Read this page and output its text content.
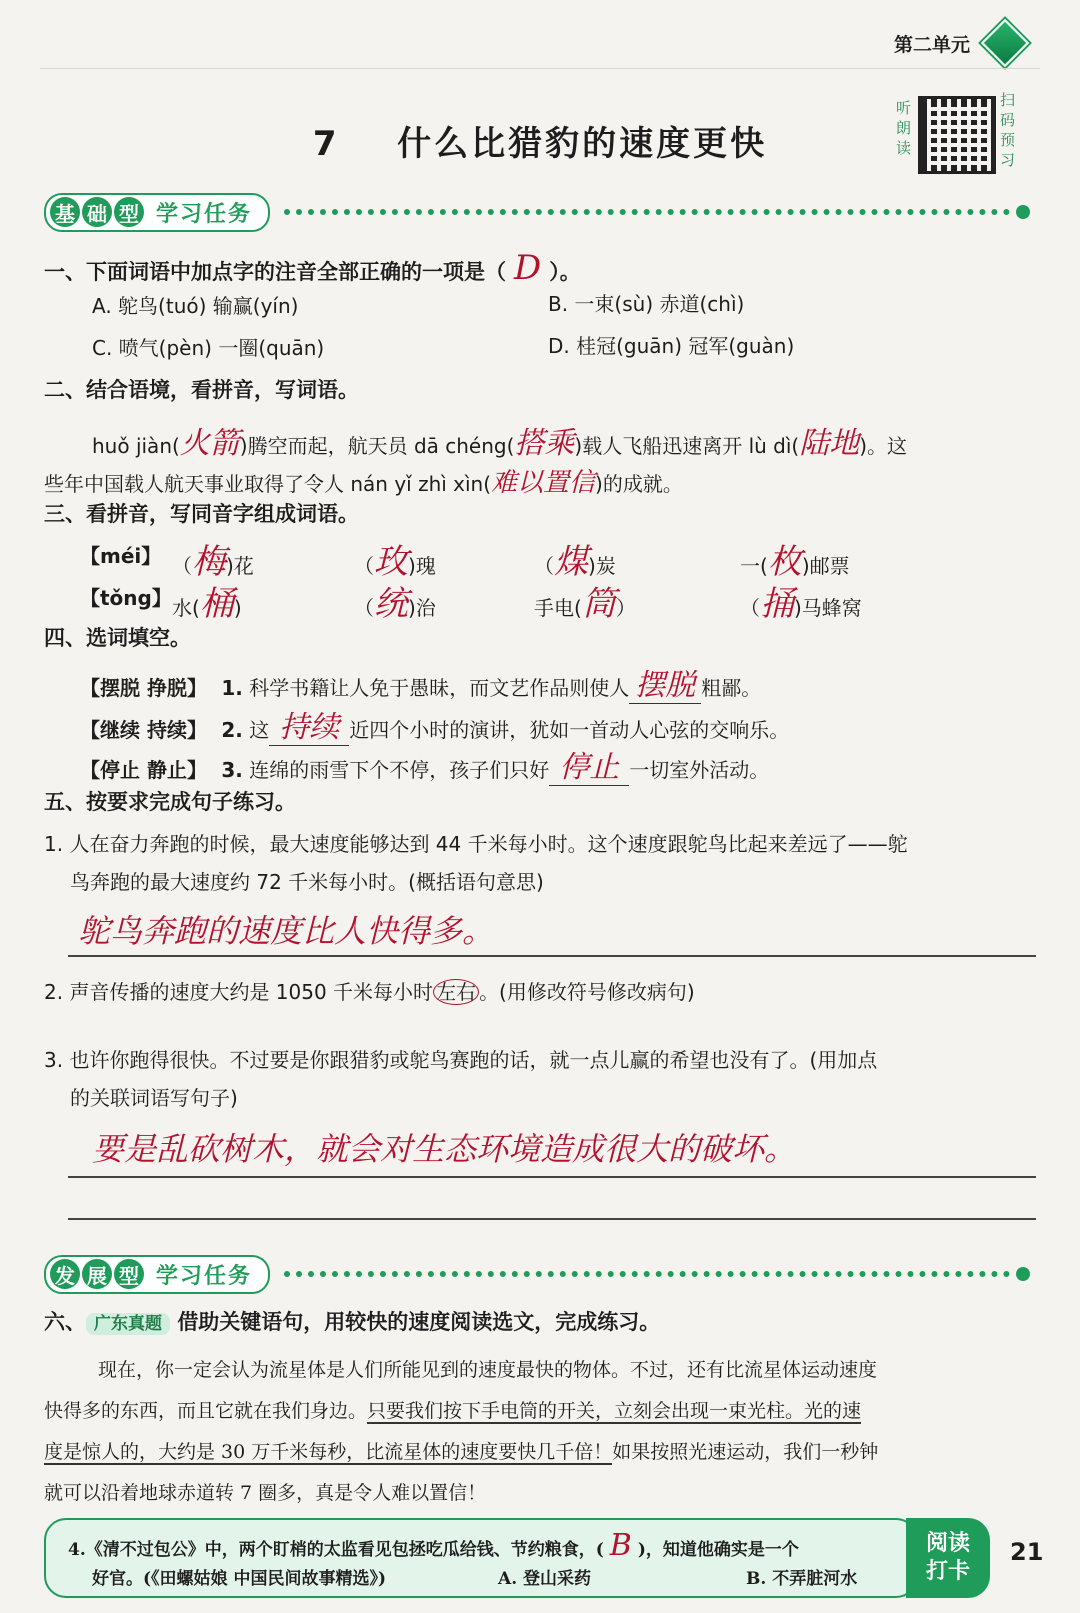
第二单元
7 什么比猎豹的速度更快
听朗读
扫码预习
基 础 型 学习任务
一、下面词语中加点字的注音全部正确的一项是（ D ）。
A. 鸵鸟(tuó) 输赢(yín)	B. 一束(sù) 赤道(chì)
C. 喷气(pèn) 一圈(quān)	D. 桂冠(guān) 冠军(guàn)
二、结合语境，看拼音，写词语。
huǒ jiàn(火箭)腾空而起，航天员 dā chéng(搭乘)载人飞船迅速离开 lù dì(陆地)。这
些年中国载人航天事业取得了令人 nán yǐ zhì xìn(难以置信)的成就。
三、看拼音，写同音字组成词语。
【méi】 （梅)花	（玫)瑰	（煤)炭	一(枚)邮票
【tǒng】 水(桶)	（统)治	手电(筒）	（捅)马蜂窝
四、选词填空。
【摆脱 挣脱】 1. 科学书籍让人免于愚昧，而文艺作品则使人 摆脱 粗鄙。
【继续 持续】 2. 这 持续 近四个小时的演讲，犹如一首动人心弦的交响乐。
【停止 静止】 3. 连绵的雨雪下个不停，孩子们只好 停止 一切室外活动。
五、按要求完成句子练习。
1. 人在奋力奔跑的时候，最大速度能够达到 44 千米每小时。这个速度跟鸵鸟比起来差远了——鸵
鸟奔跑的最大速度约 72 千米每小时。(概括语句意思)
鸵鸟奔跑的速度比人快得多。
2. 声音传播的速度大约是 1050 千米每小时 左右 。(用修改符号修改病句)
3. 也许你跑得很快。不过要是你跟猎豹或鸵鸟赛跑的话，就一点儿赢的希望也没有了。(用加点
的关联词语写句子)
要是乱砍树木，就会对生态环境造成很大的破坏。
发 展 型 学习任务
六、 广东真题 借助关键语句，用较快的速度阅读选文，完成练习。
现在，你一定会认为流星体是人们所能见到的速度最快的物体。不过，还有比流星体运动速度
快得多的东西，而且它就在我们身边。只要我们按下手电筒的开关，立刻会出现一束光柱。光的速
度是惊人的，大约是 30 万千米每秒，比流星体的速度要快几千倍！如果按照光速运动，我们一秒钟
就可以沿着地球赤道转 7 圈多，真是令人难以置信！
4.《清不过包公》中，两个盯梢的太监看见包拯吃瓜给钱、节约粮食，( B )，知道他确实是一个
好官。(《田螺姑娘 中国民间故事精选》)	A. 登山采药	B. 不弄脏河水
阅读打卡
21
